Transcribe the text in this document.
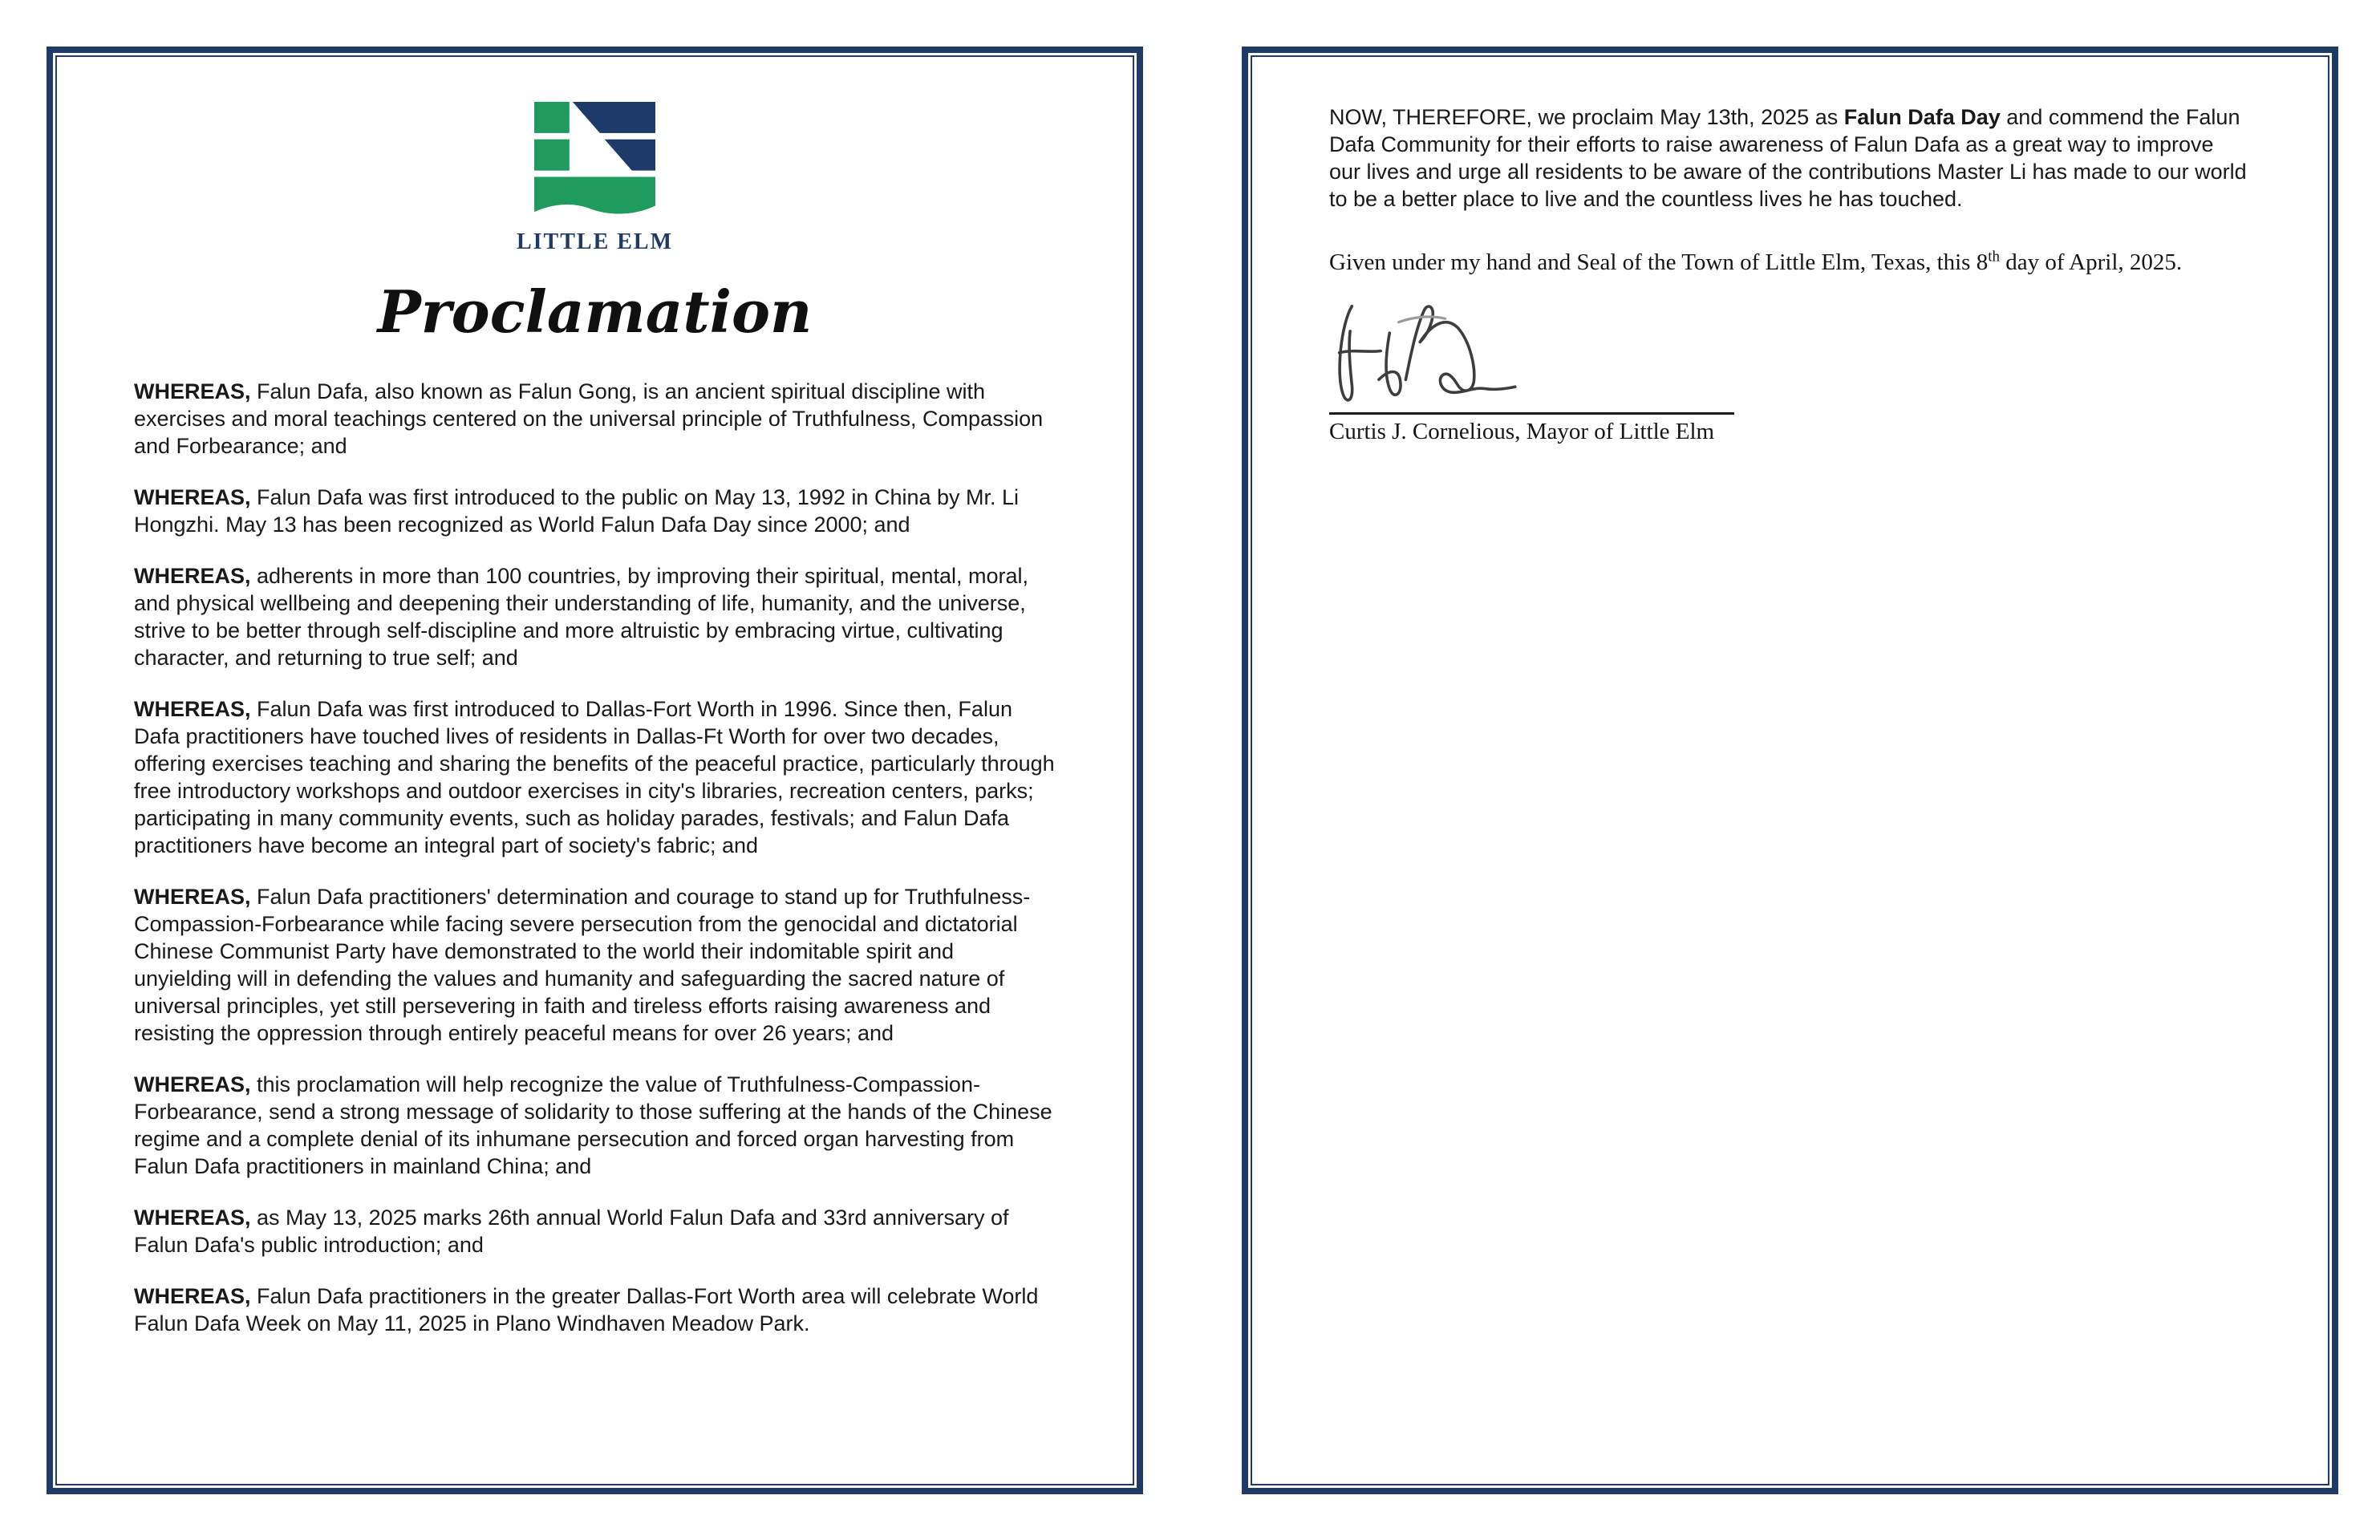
LITTLE ELM
Proclamation

WHEREAS, Falun Dafa, also known as Falun Gong, is an ancient spiritual discipline with exercises and moral teachings centered on the universal principle of Truthfulness, Compassion and Forbearance; and

WHEREAS, Falun Dafa was first introduced to the public on May 13, 1992 in China by Mr. Li Hongzhi. May 13 has been recognized as World Falun Dafa Day since 2000; and

WHEREAS, adherents in more than 100 countries, by improving their spiritual, mental, moral, and physical wellbeing and deepening their understanding of life, humanity, and the universe, strive to be better through self-discipline and more altruistic by embracing virtue, cultivating character, and returning to true self; and

WHEREAS, Falun Dafa was first introduced to Dallas-Fort Worth in 1996. Since then, Falun Dafa practitioners have touched lives of residents in Dallas-Ft Worth for over two decades, offering exercises teaching and sharing the benefits of the peaceful practice, particularly through free introductory workshops and outdoor exercises in city's libraries, recreation centers, parks; participating in many community events, such as holiday parades, festivals; and Falun Dafa practitioners have become an integral part of society's fabric; and

WHEREAS, Falun Dafa practitioners' determination and courage to stand up for Truthfulness-Compassion-Forbearance while facing severe persecution from the genocidal and dictatorial Chinese Communist Party have demonstrated to the world their indomitable spirit and unyielding will in defending the values and humanity and safeguarding the sacred nature of universal principles, yet still persevering in faith and tireless efforts raising awareness and resisting the oppression through entirely peaceful means for over 26 years; and

WHEREAS, this proclamation will help recognize the value of Truthfulness-Compassion-Forbearance, send a strong message of solidarity to those suffering at the hands of the Chinese regime and a complete denial of its inhumane persecution and forced organ harvesting from Falun Dafa practitioners in mainland China; and

WHEREAS, as May 13, 2025 marks 26th annual World Falun Dafa and 33rd anniversary of Falun Dafa's public introduction; and

WHEREAS, Falun Dafa practitioners in the greater Dallas-Fort Worth area will celebrate World Falun Dafa Week on May 11, 2025 in Plano Windhaven Meadow Park.

NOW, THEREFORE, we proclaim May 13th, 2025 as Falun Dafa Day and commend the Falun Dafa Community for their efforts to raise awareness of Falun Dafa as a great way to improve our lives and urge all residents to be aware of the contributions Master Li has made to our world to be a better place to live and the countless lives he has touched.

Given under my hand and Seal of the Town of Little Elm, Texas, this 8th day of April, 2025.

Curtis J. Cornelious, Mayor of Little Elm
